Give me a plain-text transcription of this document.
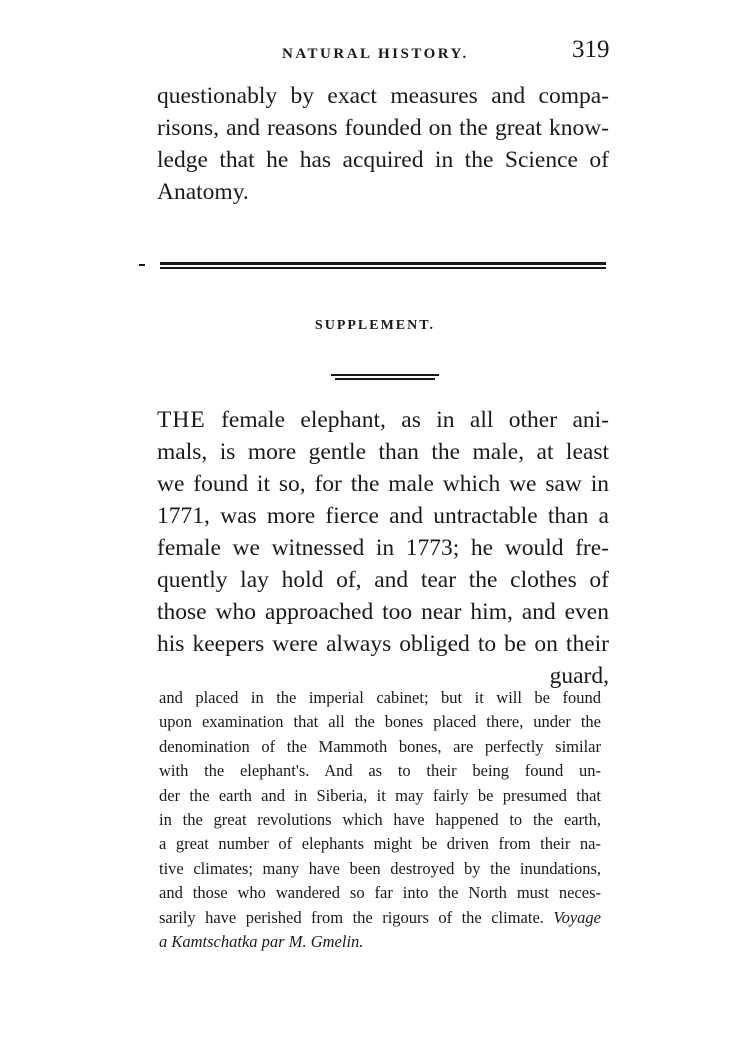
NATURAL HISTORY.	319
questionably by exact measures and compa-
risons, and reasons founded on the great know-
ledge that he has acquired in the Science of
Anatomy.
SUPPLEMENT.
THE female elephant, as in all other ani-
mals, is more gentle than the male, at least
we found it so, for the male which we saw in
1771, was more fierce and untractable than a
female we witnessed in 1773; he would fre-
quently lay hold of, and tear the clothes of
those who approached too near him, and even
his keepers were always obliged to be on their
guard,
and placed in the imperial cabinet; but it will be found
upon examination that all the bones placed there, under the
denomination of the Mammoth bones, are perfectly similar
with the elephant's. And as to their being found un-
der the earth and in Siberia, it may fairly be presumed that
in the great revolutions which have happened to the earth,
a great number of elephants might be driven from their na-
tive climates; many have been destroyed by the inundations,
and those who wandered so far into the North must neces-
sarily have perished from the rigours of the climate. Voyage
a Kamtschatka par M. Gmelin.
